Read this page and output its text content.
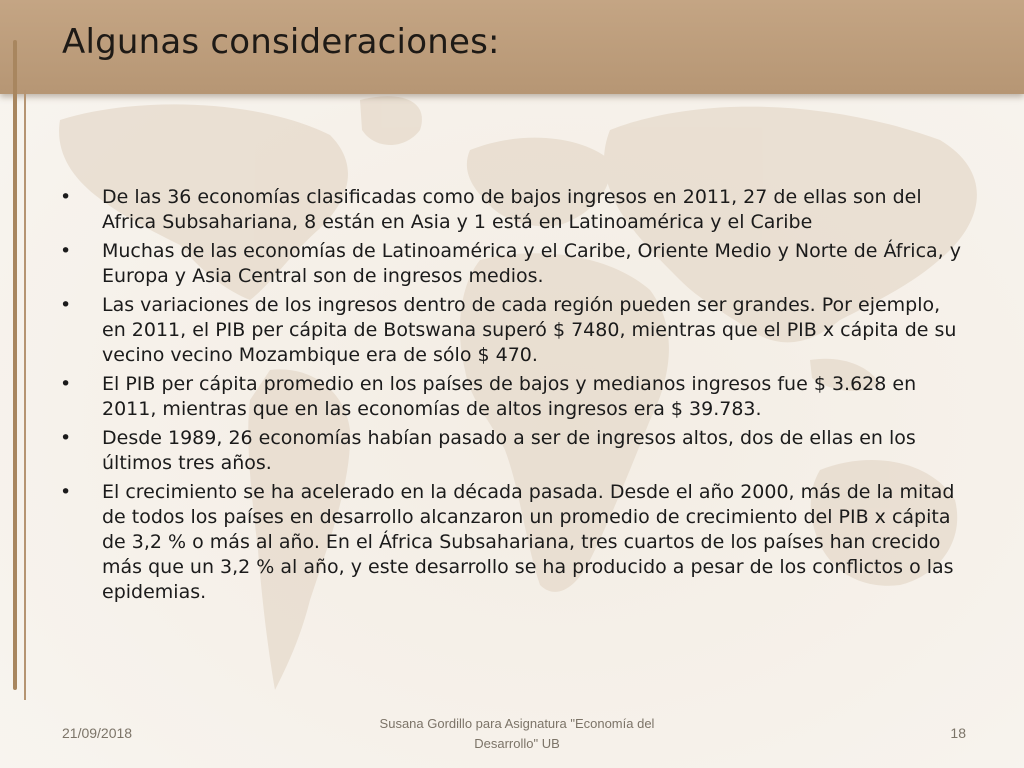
Algunas consideraciones:
• De las 36 economías clasificadas como de bajos ingresos en 2011, 27 de ellas son del Africa Subsahariana, 8 están en Asia y 1 está en Latinoamérica y el Caribe
• Muchas de las economías de Latinoamérica y el Caribe, Oriente Medio y Norte de África, y Europa y Asia Central son de ingresos medios.
• Las variaciones de los ingresos dentro de cada región pueden ser grandes. Por ejemplo, en 2011, el PIB per cápita de Botswana superó $ 7480, mientras que el PIB x cápita de su vecino vecino Mozambique era de sólo $ 470.
• El PIB per cápita promedio en los países de bajos y medianos ingresos fue $ 3.628 en 2011, mientras que en las economías de altos ingresos era $ 39.783.
• Desde 1989, 26 economías habían pasado a ser de ingresos altos, dos de ellas en los últimos tres años.
• El crecimiento se ha acelerado en la década pasada. Desde el año 2000, más de la mitad de todos los países en desarrollo alcanzaron un promedio de crecimiento del PIB x cápita de 3,2 % o más al año. En el África Subsahariana, tres cuartos de los países han crecido más que un 3,2 % al año, y este desarrollo se ha producido a pesar de los conflictos o las epidemias.
21/09/2018
Susana Gordillo para Asignatura "Economía del Desarrollo" UB
18
